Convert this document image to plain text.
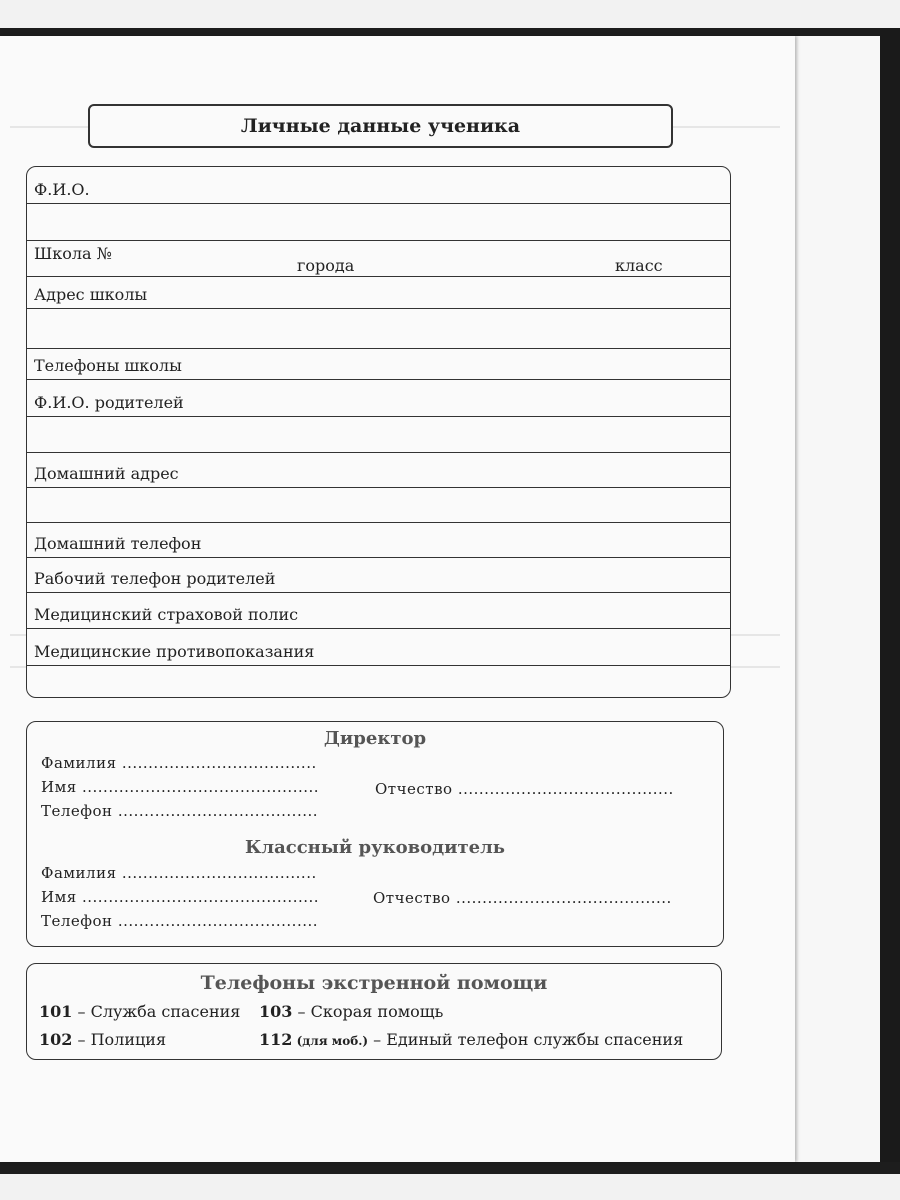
Личные данные ученика
Ф.И.О.
Школа №
города	класс
Адрес школы
Телефоны школы
Ф.И.О. родителей
Домашний адрес
Домашний телефон
Рабочий телефон родителей
Медицинский страховой полис
Медицинские противопоказания
Директор
Фамилия .....................................
Имя .............................................	Отчество .........................................
Телефон ......................................
Классный руководитель
Фамилия .....................................
Имя .............................................	Отчество .........................................
Телефон ......................................
Телефоны экстренной помощи
101 – Служба спасения 103 – Скорая помощь
102 – Полиция	112 (для моб.) – Единый телефон службы спасения
